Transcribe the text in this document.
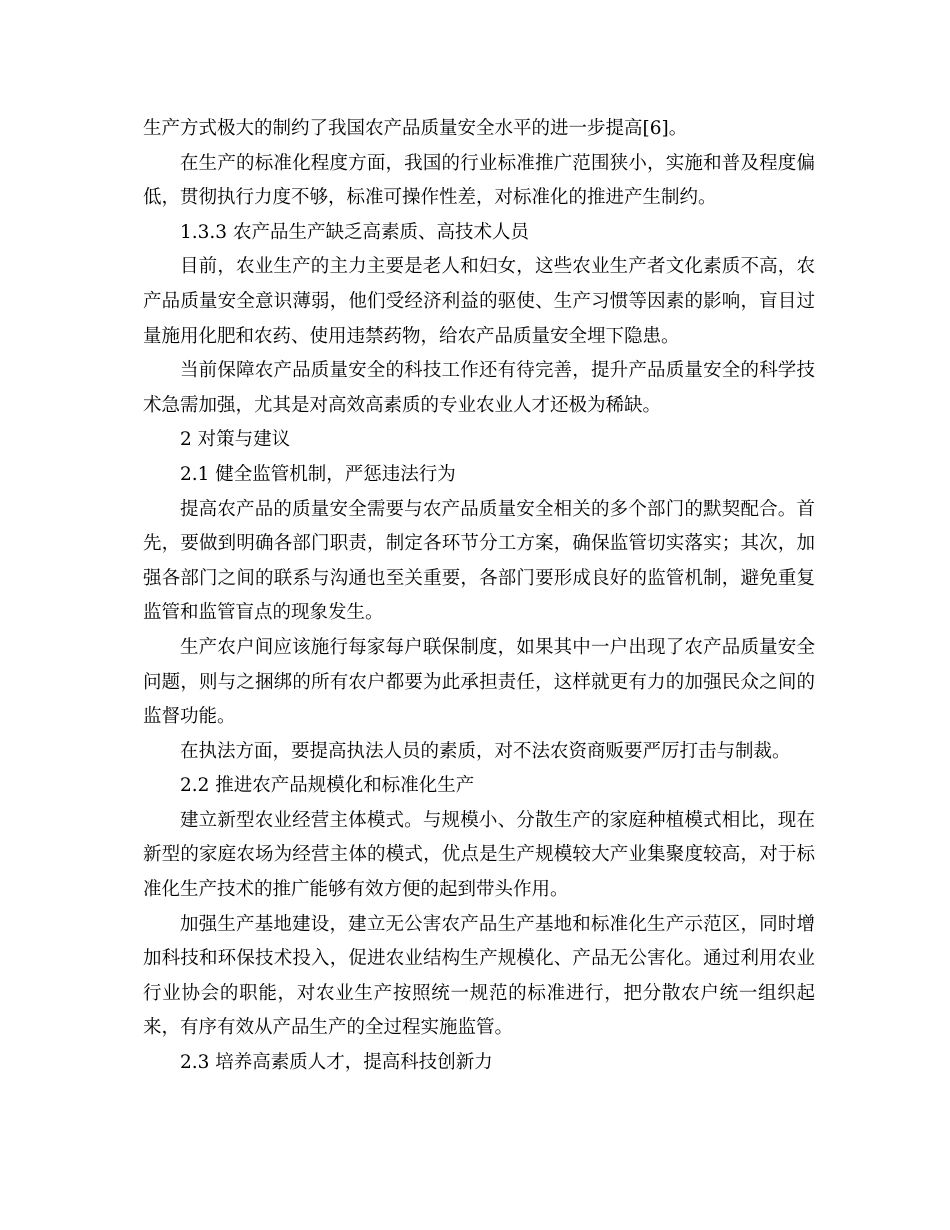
生产方式极大的制约了我国农产品质量安全水平的进一步提高[6]。

在生产的标准化程度方面，我国的行业标准推广范围狭小，实施和普及程度偏低，贯彻执行力度不够，标准可操作性差，对标准化的推进产生制约。

1.3.3 农产品生产缺乏高素质、高技术人员

目前，农业生产的主力主要是老人和妇女，这些农业生产者文化素质不高，农产品质量安全意识薄弱，他们受经济利益的驱使、生产习惯等因素的影响，盲目过量施用化肥和农药、使用违禁药物，给农产品质量安全埋下隐患。

当前保障农产品质量安全的科技工作还有待完善，提升产品质量安全的科学技术急需加强，尤其是对高效高素质的专业农业人才还极为稀缺。

2 对策与建议

2.1 健全监管机制，严惩违法行为

提高农产品的质量安全需要与农产品质量安全相关的多个部门的默契配合。首先，要做到明确各部门职责，制定各环节分工方案，确保监管切实落实；其次，加强各部门之间的联系与沟通也至关重要，各部门要形成良好的监管机制，避免重复监管和监管盲点的现象发生。

生产农户间应该施行每家每户联保制度，如果其中一户出现了农产品质量安全问题，则与之捆绑的所有农户都要为此承担责任，这样就更有力的加强民众之间的监督功能。

在执法方面，要提高执法人员的素质，对不法农资商贩要严厉打击与制裁。

2.2 推进农产品规模化和标准化生产

建立新型农业经营主体模式。与规模小、分散生产的家庭种植模式相比，现在新型的家庭农场为经营主体的模式，优点是生产规模较大产业集聚度较高，对于标准化生产技术的推广能够有效方便的起到带头作用。

加强生产基地建设，建立无公害农产品生产基地和标准化生产示范区，同时增加科技和环保技术投入，促进农业结构生产规模化、产品无公害化。通过利用农业行业协会的职能，对农业生产按照统一规范的标准进行，把分散农户统一组织起来，有序有效从产品生产的全过程实施监管。

2.3 培养高素质人才，提高科技创新力
